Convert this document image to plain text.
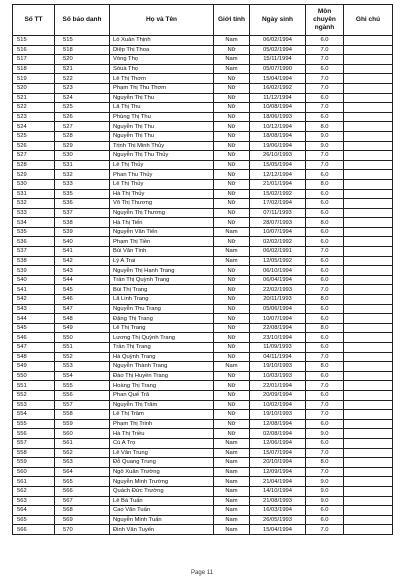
Số TT	Số báo danh	Họ và Tên	Giới tính	Ngày sinh	Môn chuyên ngành	Ghi chú
515	515	Lò Xuân Thịnh	Nam	06/02/1994	6.0	
516	518	Diệp Thị Thoa	Nữ	05/02/1994	7.0	
517	520	Vòng Thọ	Nam	15/11/1994	7.0	
518	521	Sòuà Thọ	Nam	05/07/1990	6.0	
519	522	Lê Thị Thơm	Nữ	15/04/1994	7.0	
520	523	Phạm Thị Thu Thơm	Nữ	16/02/1992	7.0	
521	524	Nguyễn Thị Thu	Nữ	11/12/1994	6.0	
522	525	Lã Thị Thu	Nữ	10/08/1994	7.0	
523	526	Phùng Thị Thu	Nữ	18/06/1993	6.0	
524	527	Nguyễn Thị Thu	Nữ	10/12/1994	8.0	
525	528	Nguyễn Thị Thu	Nữ	18/08/1994	9.0	
526	529	Trịnh Thị Minh Thủy	Nữ	19/06/1994	9.0	
527	530	Nguyễn Thị Thu Thủy	Nữ	26/10/1993	7.0	
528	531	Lê Thị Thủy	Nữ	15/05/1994	7.0	
529	532	Phan Thu Thủy	Nữ	12/12/1994	6.0	
530	533	Lê Thị Thủy	Nữ	21/01/1994	8.0	
531	535	Hà Thị Thủy	Nữ	15/02/1992	6.0	
532	536	Võ Thị Thương	Nữ	17/02/1994	6.0	
533	537	Nguyễn Thị Thương	Nữ	07/11/1993	6.0	
534	538	Hà Thị Tiến	Nữ	28/07/1993	8.0	
535	539	Nguyễn Văn Tiến	Nam	10/07/1994	6.0	
536	540	Phạm Thị Tiền	Nữ	02/02/1992	6.0	
537	541	Bùi Văn Tình	Nam	06/02/1991	7.0	
538	542	Lý A Trai	Nam	12/05/1992	6.0	
539	543	Nguyễn Thị Hạnh Trang	Nữ	06/10/1994	6.0	
540	544	Trần Thị Quỳnh Trang	Nữ	06/04/1994	6.0	
541	545	Bùi Thị Trang	Nữ	22/02/1993	7.0	
542	546	Lã Linh Trang	Nữ	20/11/1993	8.0	
543	547	Nguyễn Thu Trang	Nữ	05/06/1994	6.0	
544	548	Đặng Thị Trang	Nữ	10/07/1994	6.0	
545	549	Lê Thị Trang	Nữ	22/08/1994	8.0	
546	550	Lương Thị Quỳnh Trang	Nữ	23/10/1994	6.0	
547	551	Trần Thị Trang	Nữ	11/09/1993	6.0	
548	552	Hà Quỳnh Trang	Nữ	04/11/1994	7.0	
549	553	Nguyễn Thành Trang	Nam	19/10/1993	8.0	
550	554	Đào Thị Huyền Trang	Nữ	10/03/1993	6.0	
551	555	Hoàng Thị Trang	Nữ	22/01/1994	7.0	
552	556	Phan Quế Trâ	Nữ	20/09/1994	6.0	
553	557	Nguyễn Thị Trâm	Nữ	10/02/1994	7.0	
554	558	Lê Thị Trâm	Nữ	19/10/1993	7.0	
555	559	Phạm Thị Trinh	Nữ	12/08/1994	6.0	
556	560	Hà Thị Triều	Nữ	02/08/1994	9.0	
557	561	Cù A Trọ	Nam	12/06/1994	6.0	
558	562	Lê Văn Trung	Nam	15/07/1994	7.0	
559	563	Đỗ Quang Trung	Nam	20/10/1994	8.0	
560	564	Ngô Xuân Trường	Nam	12/09/1994	7.0	
561	565	Nguyễn Minh Trường	Nam	21/04/1994	9.0	
562	566	Quách Đức Trường	Nam	14/10/1994	9.0	
563	567	Lê Bá Tuấn	Nam	21/08/1993	9.0	
564	568	Cao Văn Tuấn	Nam	16/03/1994	6.0	
565	569	Nguyễn Minh Tuấn	Nam	26/05/1993	6.0	
566	570	Đinh Văn Tuyến	Nam	15/04/1994	7.0	
Page 11
